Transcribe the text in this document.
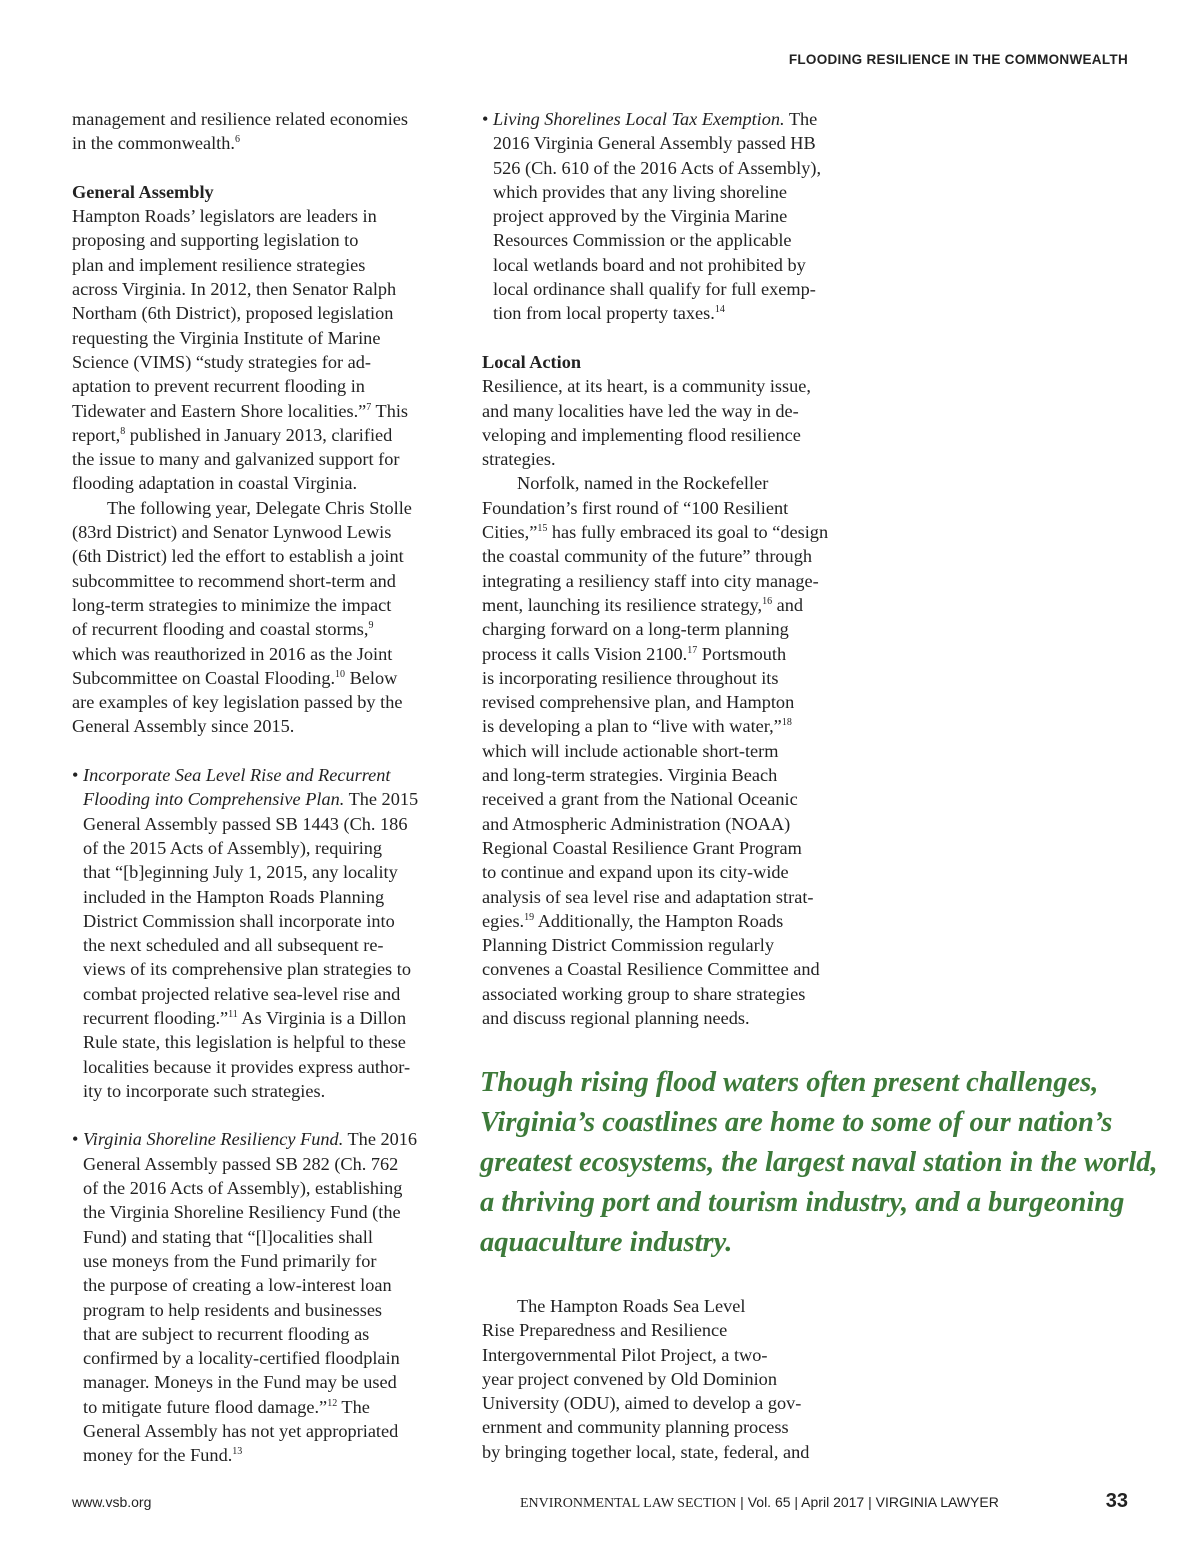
FLOODING RESILIENCE IN THE COMMONWEALTH
management and resilience related economies
in the commonwealth.$^6$
General Assembly
Hampton Roads’ legislators are leaders in
proposing and supporting legislation to
plan and implement resilience strategies
across Virginia. In 2012, then Senator Ralph
Northam (6th District), proposed legislation
requesting the Virginia Institute of Marine
Science (VIMS) “study strategies for ad-
aptation to prevent recurrent flooding in
Tidewater and Eastern Shore localities.”$^7$ This
report,$^8$ published in January 2013, clarified
the issue to many and galvanized support for
flooding adaptation in coastal Virginia.
The following year, Delegate Chris Stolle
(83rd District) and Senator Lynwood Lewis
(6th District) led the effort to establish a joint
subcommittee to recommend short-term and
long-term strategies to minimize the impact
of recurrent flooding and coastal storms,$^9$
which was reauthorized in 2016 as the Joint
Subcommittee on Coastal Flooding.$^{10}$ Below
are examples of key legislation passed by the
General Assembly since 2015.
• Incorporate Sea Level Rise and Recurrent
Flooding into Comprehensive Plan. The 2015
General Assembly passed SB 1443 (Ch. 186
of the 2015 Acts of Assembly), requiring
that “[b]eginning July 1, 2015, any locality
included in the Hampton Roads Planning
District Commission shall incorporate into
the next scheduled and all subsequent re-
views of its comprehensive plan strategies to
combat projected relative sea-level rise and
recurrent flooding.”$^{11}$ As Virginia is a Dillon
Rule state, this legislation is helpful to these
localities because it provides express author-
ity to incorporate such strategies.
• Virginia Shoreline Resiliency Fund. The 2016
General Assembly passed SB 282 (Ch. 762
of the 2016 Acts of Assembly), establishing
the Virginia Shoreline Resiliency Fund (the
Fund) and stating that “[l]ocalities shall
use moneys from the Fund primarily for
the purpose of creating a low-interest loan
program to help residents and businesses
that are subject to recurrent flooding as
confirmed by a locality-certified floodplain
manager. Moneys in the Fund may be used
to mitigate future flood damage.”$^{12}$ The
General Assembly has not yet appropriated
money for the Fund.$^{13}$
• Living Shorelines Local Tax Exemption. The
2016 Virginia General Assembly passed HB
526 (Ch. 610 of the 2016 Acts of Assembly),
which provides that any living shoreline
project approved by the Virginia Marine
Resources Commission or the applicable
local wetlands board and not prohibited by
local ordinance shall qualify for full exemp-
tion from local property taxes.$^{14}$
Local Action
Resilience, at its heart, is a community issue,
and many localities have led the way in de-
veloping and implementing flood resilience
strategies.
Norfolk, named in the Rockefeller
Foundation’s first round of “100 Resilient
Cities,”$^{15}$ has fully embraced its goal to “design
the coastal community of the future” through
integrating a resiliency staff into city manage-
ment, launching its resilience strategy,$^{16}$ and
charging forward on a long-term planning
process it calls Vision 2100.17 Portsmouth
is incorporating resilience throughout its
revised comprehensive plan, and Hampton
is developing a plan to “live with water,”$^{18}$
which will include actionable short-term
and long-term strategies. Virginia Beach
received a grant from the National Oceanic
and Atmospheric Administration (NOAA)
Regional Coastal Resilience Grant Program
to continue and expand upon its city-wide
analysis of sea level rise and adaptation strat-
egies.$^{19}$ Additionally, the Hampton Roads
Planning District Commission regularly
convenes a Coastal Resilience Committee and
associated working group to share strategies
and discuss regional planning needs.
Though rising flood waters often present challenges,
Virginia’s coastlines are home to some of our nation’s
greatest ecosystems, the largest naval station in the world,
a thriving port and tourism industry, and a burgeoning
aquaculture industry.
The Hampton Roads Sea Level
Rise Preparedness and Resilience
Intergovernmental Pilot Project, a two-
year project convened by Old Dominion
University (ODU), aimed to develop a gov-
ernment and community planning process
by bringing together local, state, federal, and
www.vsb.org	ENVIRONMENTAL LAW SECTION | Vol. 65 | April 2017 | VIRGINIA LAWYER	33
